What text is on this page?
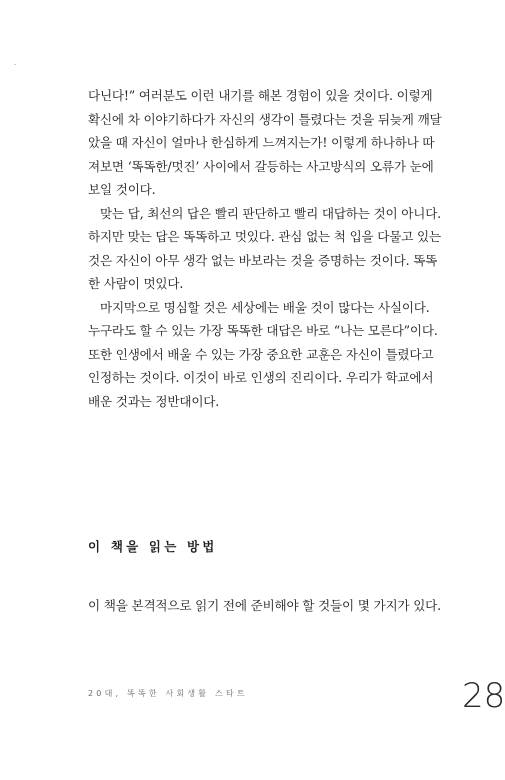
다닌다!” 여러분도 이런 내기를 해본 경험이 있을 것이다. 이렇게

확신에 차 이야기하다가 자신의 생각이 틀렸다는 것을 뒤늦게 깨달

았을 때 자신이 얼마나 한심하게 느껴지는가! 이렇게 하나하나 따

져보면 ‘똑똑한/멋진’ 사이에서 갈등하는 사고방식의 오류가 눈에

보일 것이다.

맞는 답, 최선의 답은 빨리 판단하고 빨리 대답하는 것이 아니다.

하지만 맞는 답은 똑똑하고 멋있다. 관심 없는 척 입을 다물고 있는

것은 자신이 아무 생각 없는 바보라는 것을 증명하는 것이다. 똑똑

한 사람이 멋있다.

마지막으로 명심할 것은 세상에는 배울 것이 많다는 사실이다.

누구라도 할 수 있는 가장 똑똑한 대답은 바로 “나는 모른다”이다.

또한 인생에서 배울 수 있는 가장 중요한 교훈은 자신이 틀렸다고

인정하는 것이다. 이것이 바로 인생의 진리이다. 우리가 학교에서

배운 것과는 정반대이다.

이 책을 읽는 방법

이 책을 본격적으로 읽기 전에 준비해야 할 것들이 몇 가지가 있다.

20대, 똑똑한 사회생활 스타트	28
